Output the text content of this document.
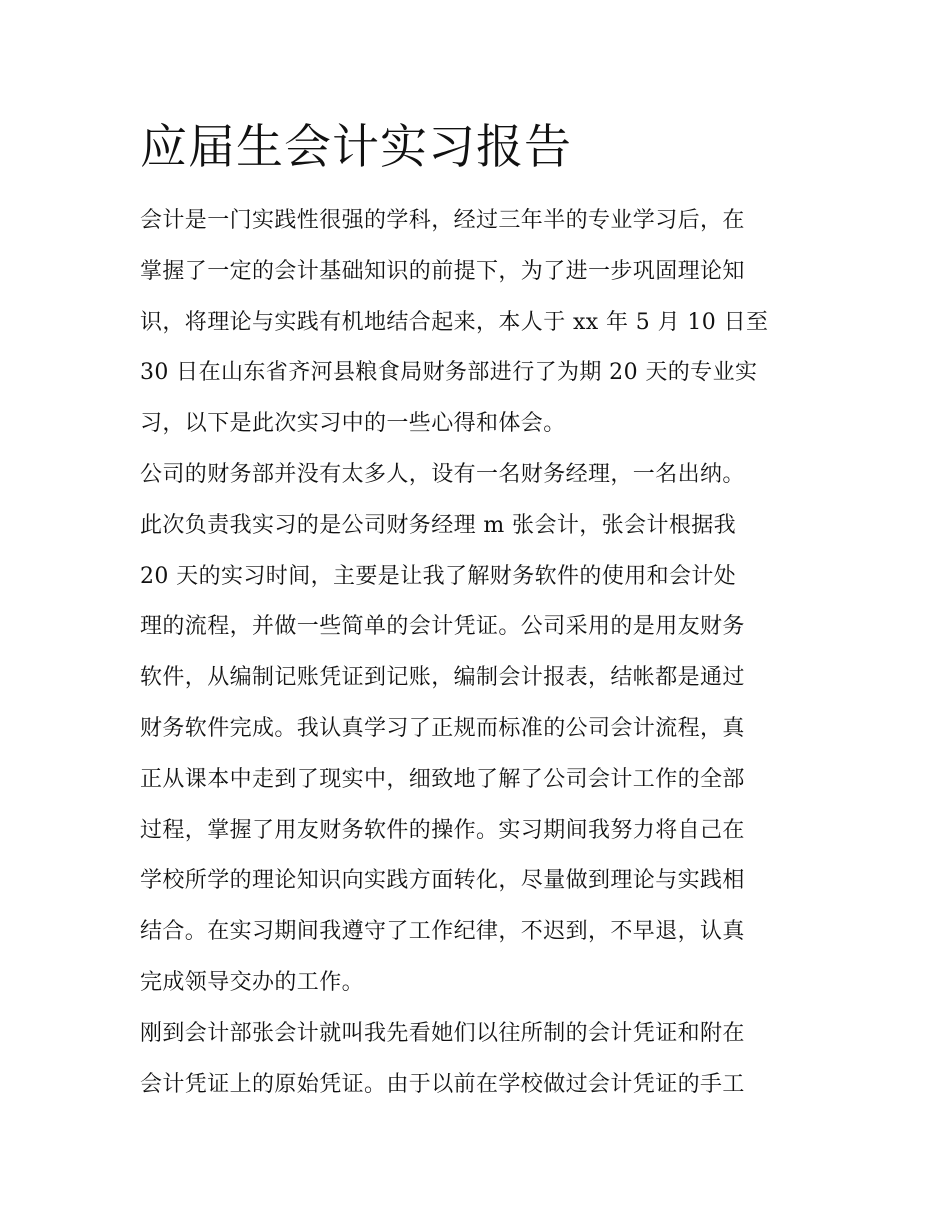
应届生会计实习报告
会计是一门实践性很强的学科，经过三年半的专业学习后，在
掌握了一定的会计基础知识的前提下，为了进一步巩固理论知
识，将理论与实践有机地结合起来，本人于 xx 年 5 月 10 日至
30 日在山东省齐河县粮食局财务部进行了为期 20 天的专业实
习，以下是此次实习中的一些心得和体会。
公司的财务部并没有太多人，设有一名财务经理，一名出纳。
此次负责我实习的是公司财务经理 m 张会计，张会计根据我
20 天的实习时间，主要是让我了解财务软件的使用和会计处
理的流程，并做一些简单的会计凭证。公司采用的是用友财务
软件，从编制记账凭证到记账，编制会计报表，结帐都是通过
财务软件完成。我认真学习了正规而标准的公司会计流程，真
正从课本中走到了现实中，细致地了解了公司会计工作的全部
过程，掌握了用友财务软件的操作。实习期间我努力将自己在
学校所学的理论知识向实践方面转化，尽量做到理论与实践相
结合。在实习期间我遵守了工作纪律，不迟到，不早退，认真
完成领导交办的工作。
刚到会计部张会计就叫我先看她们以往所制的会计凭证和附在
会计凭证上的原始凭证。由于以前在学校做过会计凭证的手工
